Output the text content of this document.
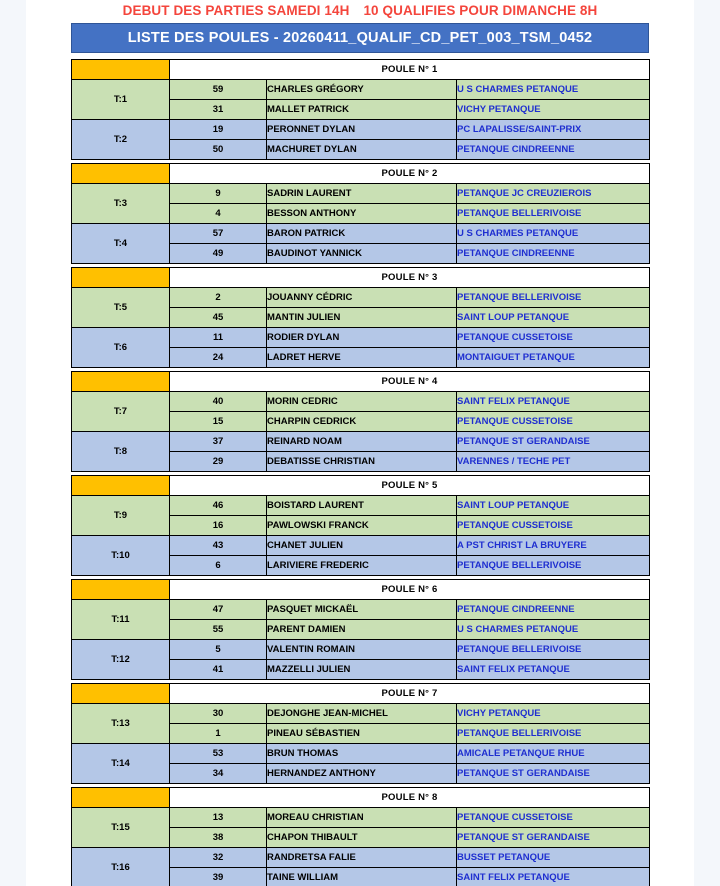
DEBUT DES PARTIES SAMEDI 14H 10 QUALIFIES POUR DIMANCHE 8H
LISTE DES POULES - 20260411_QUALIF_CD_PET_003_TSM_0452
	POULE N° 1		
T:1	59	CHARLES GRÉGORY	U S CHARMES PETANQUE
	31	MALLET PATRICK	VICHY PETANQUE
T:2	19	PERONNET DYLAN	PC LAPALISSE/SAINT-PRIX
	50	MACHURET DYLAN	PETANQUE CINDREENNE
	POULE N° 2		
T:3	9	SADRIN LAURENT	PETANQUE JC CREUZIEROIS
	4	BESSON ANTHONY	PETANQUE BELLERIVOISE
T:4	57	BARON PATRICK	U S CHARMES PETANQUE
	49	BAUDINOT YANNICK	PETANQUE CINDREENNE
	POULE N° 3		
T:5	2	JOUANNY CÉDRIC	PETANQUE BELLERIVOISE
	45	MANTIN JULIEN	SAINT LOUP PETANQUE
T:6	11	RODIER DYLAN	PETANQUE CUSSETOISE
	24	LADRET HERVE	MONTAIGUET PETANQUE
	POULE N° 4		
T:7	40	MORIN CEDRIC	SAINT FELIX PETANQUE
	15	CHARPIN CEDRICK	PETANQUE CUSSETOISE
T:8	37	REINARD NOAM	PETANQUE ST GERANDAISE
	29	DEBATISSE CHRISTIAN	VARENNES / TECHE PET
	POULE N° 5		
T:9	46	BOISTARD LAURENT	SAINT LOUP PETANQUE
	16	PAWLOWSKI FRANCK	PETANQUE CUSSETOISE
T:10	43	CHANET JULIEN	A PST CHRIST LA BRUYERE
	6	LARIVIERE FREDERIC	PETANQUE BELLERIVOISE
	POULE N° 6		
T:11	47	PASQUET MICKAËL	PETANQUE CINDREENNE
	55	PARENT DAMIEN	U S CHARMES PETANQUE
T:12	5	VALENTIN ROMAIN	PETANQUE BELLERIVOISE
	41	MAZZELLI JULIEN	SAINT FELIX PETANQUE
	POULE N° 7		
T:13	30	DEJONGHE JEAN-MICHEL	VICHY PETANQUE
	1	PINEAU SÉBASTIEN	PETANQUE BELLERIVOISE
T:14	53	BRUN THOMAS	AMICALE PETANQUE RHUE
	34	HERNANDEZ ANTHONY	PETANQUE ST GERANDAISE
	POULE N° 8		
T:15	13	MOREAU CHRISTIAN	PETANQUE CUSSETOISE
	38	CHAPON THIBAULT	PETANQUE ST GERANDAISE
T:16	32	RANDRETSA FALIE	BUSSET PETANQUE
	39	TAINE WILLIAM	SAINT FELIX PETANQUE
